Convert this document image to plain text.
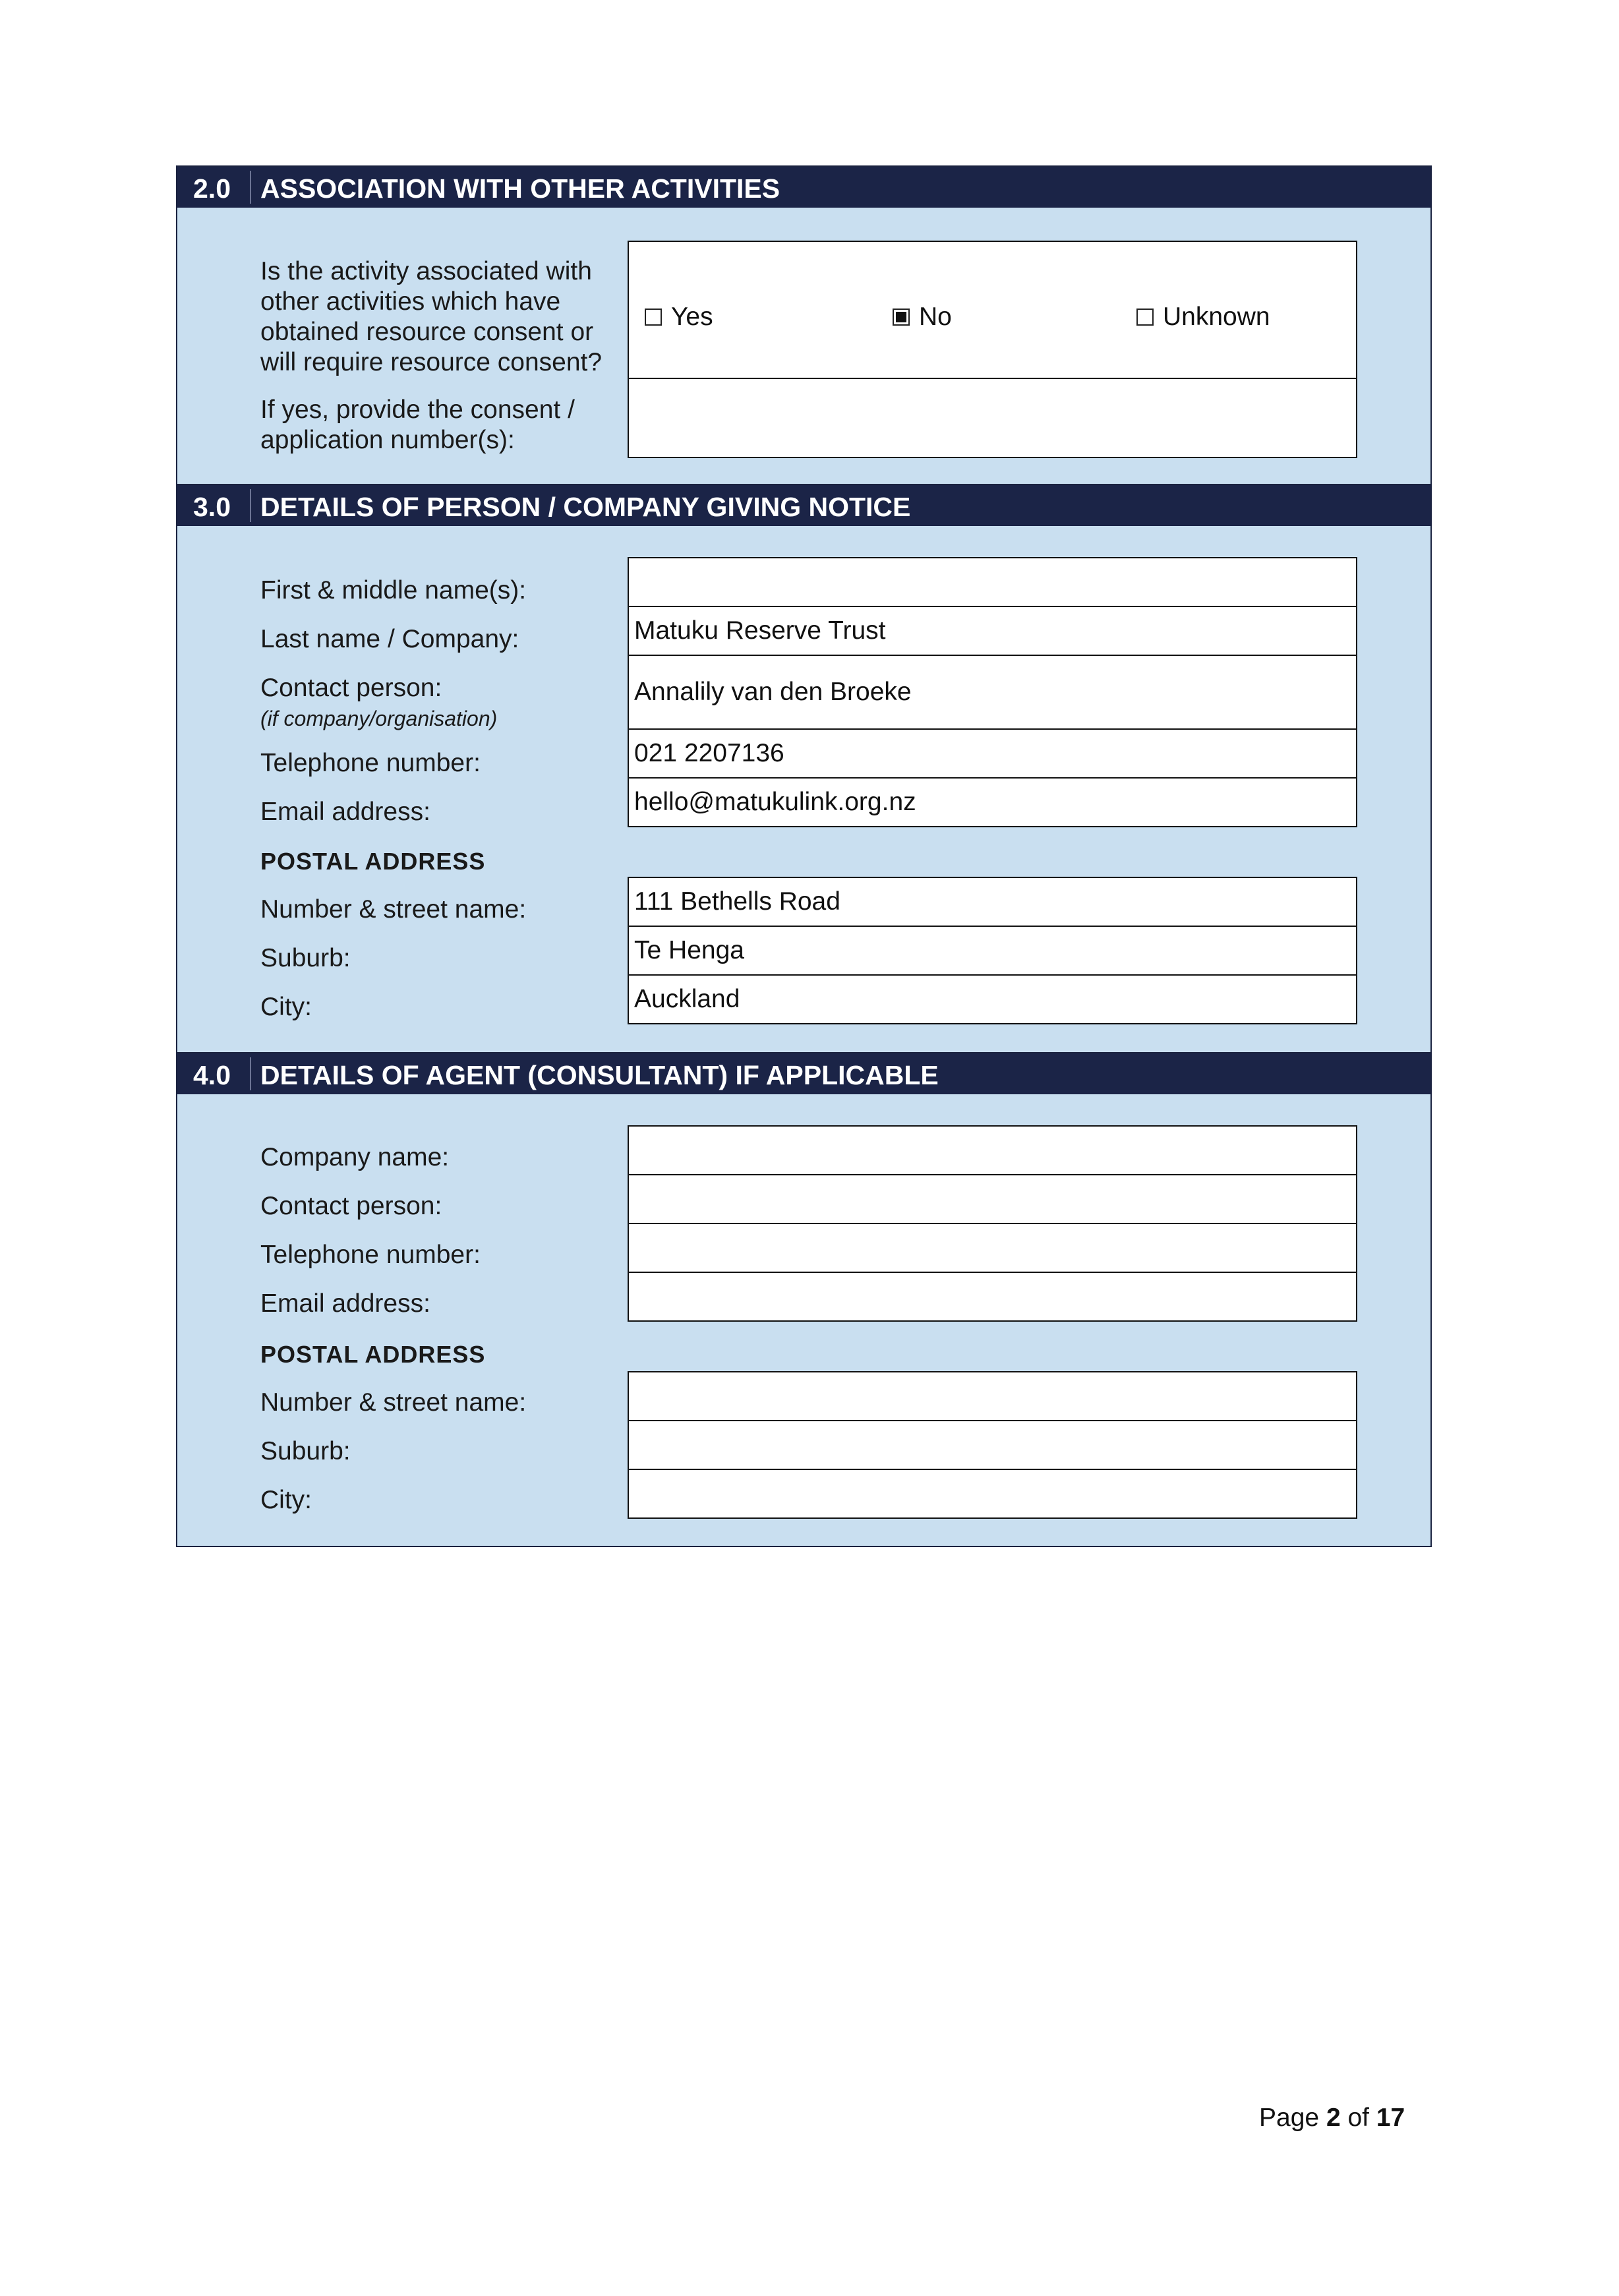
2.0 ASSOCIATION WITH OTHER ACTIVITIES
Is the activity associated with
other activities which have
obtained resource consent or
will require resource consent?
If yes, provide the consent /
application number(s):
Yes	No	Unknown
3.0 DETAILS OF PERSON / COMPANY GIVING NOTICE
First & middle name(s):
Last name / Company:
Contact person:
(if company/organisation)
Telephone number:
Email address:
POSTAL ADDRESS
Number & street name:
Suburb:
City:
Matuku Reserve Trust
Annalily van den Broeke
021 2207136
hello@matukulink.org.nz
111 Bethells Road
Te Henga
Auckland
4.0 DETAILS OF AGENT (CONSULTANT) IF APPLICABLE
Company name:
Contact person:
Telephone number:
Email address:
POSTAL ADDRESS
Number & street name:
Suburb:
City:
Page 2 of 17
